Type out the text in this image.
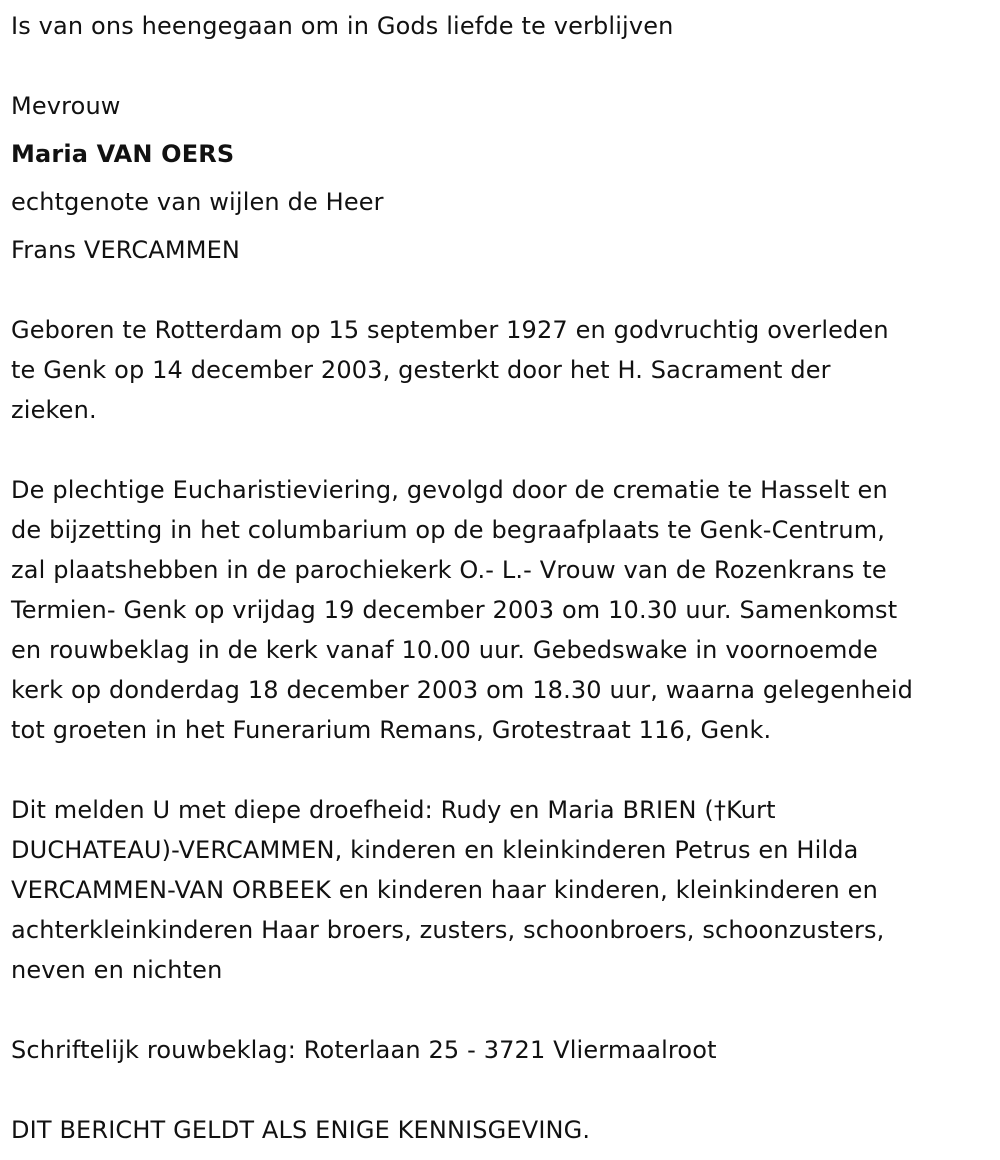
Is van ons heengegaan om in Gods liefde te verblijven
Mevrouw
Maria VAN OERS
echtgenote van wijlen de Heer
Frans VERCAMMEN
Geboren te Rotterdam op 15 september 1927 en godvruchtig overleden
te Genk op 14 december 2003, gesterkt door het H. Sacrament der
zieken.
De plechtige Eucharistieviering, gevolgd door de crematie te Hasselt en
de bijzetting in het columbarium op de begraafplaats te Genk-Centrum,
zal plaatshebben in de parochiekerk O.- L.- Vrouw van de Rozenkrans te
Termien- Genk op vrijdag 19 december 2003 om 10.30 uur. Samenkomst
en rouwbeklag in de kerk vanaf 10.00 uur. Gebedswake in voornoemde
kerk op donderdag 18 december 2003 om 18.30 uur, waarna gelegenheid
tot groeten in het Funerarium Remans, Grotestraat 116, Genk.
Dit melden U met diepe droefheid: Rudy en Maria BRIEN (†Kurt
DUCHATEAU)-VERCAMMEN, kinderen en kleinkinderen Petrus en Hilda
VERCAMMEN-VAN ORBEEK en kinderen haar kinderen, kleinkinderen en
achterkleinkinderen Haar broers, zusters, schoonbroers, schoonzusters,
neven en nichten
Schriftelijk rouwbeklag: Roterlaan 25 - 3721 Vliermaalroot
DIT BERICHT GELDT ALS ENIGE KENNISGEVING.
